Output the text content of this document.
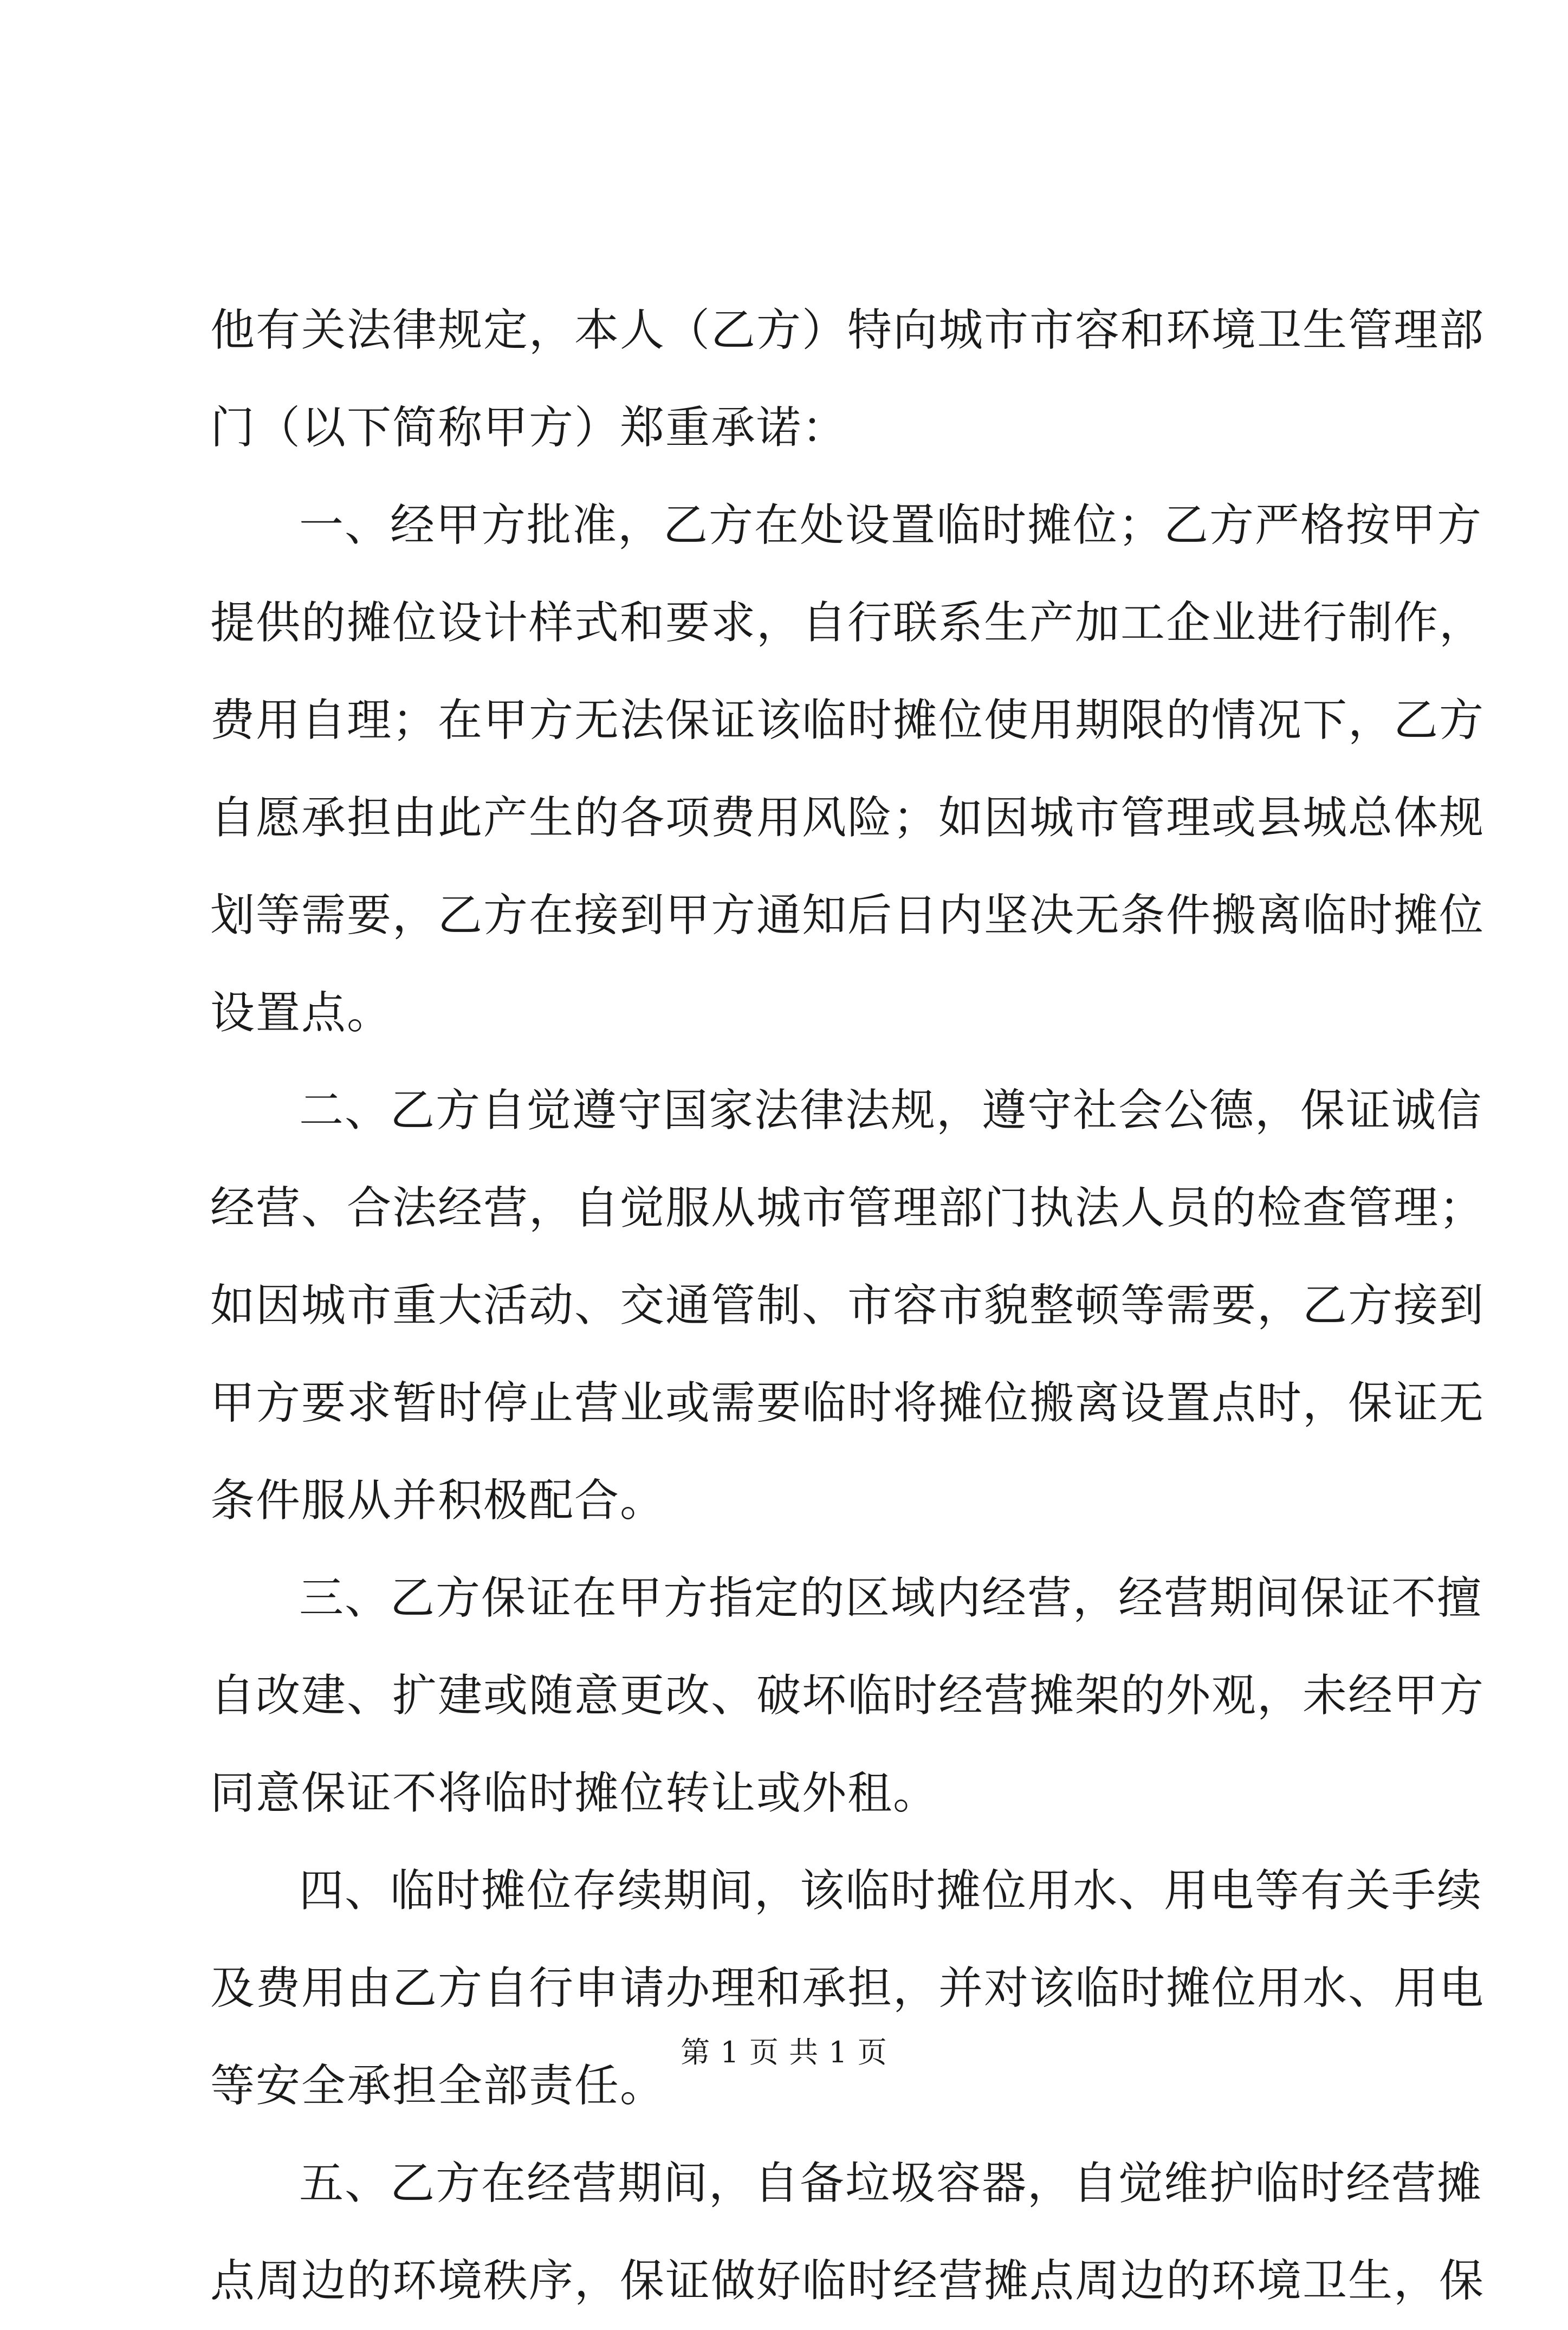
他有关法律规定，本人（乙方）特向城市市容和环境卫生管理部
门（以下简称甲方）郑重承诺：
一、经甲方批准，乙方在处设置临时摊位；乙方严格按甲方
提供的摊位设计样式和要求，自行联系生产加工企业进行制作，
费用自理；在甲方无法保证该临时摊位使用期限的情况下，乙方
自愿承担由此产生的各项费用风险；如因城市管理或县城总体规
划等需要，乙方在接到甲方通知后日内坚决无条件搬离临时摊位
设置点。
二、乙方自觉遵守国家法律法规，遵守社会公德，保证诚信
经营、合法经营，自觉服从城市管理部门执法人员的检查管理；
如因城市重大活动、交通管制、市容市貌整顿等需要，乙方接到
甲方要求暂时停止营业或需要临时将摊位搬离设置点时，保证无
条件服从并积极配合。
三、乙方保证在甲方指定的区域内经营，经营期间保证不擅
自改建、扩建或随意更改、破坏临时经营摊架的外观，未经甲方
同意保证不将临时摊位转让或外租。
四、临时摊位存续期间，该临时摊位用水、用电等有关手续
及费用由乙方自行申请办理和承担，并对该临时摊位用水、用电
等安全承担全部责任。
五、乙方在经营期间，自备垃圾容器，自觉维护临时经营摊
点周边的环境秩序，保证做好临时经营摊点周边的环境卫生，保
第 1 页 共 1 页
